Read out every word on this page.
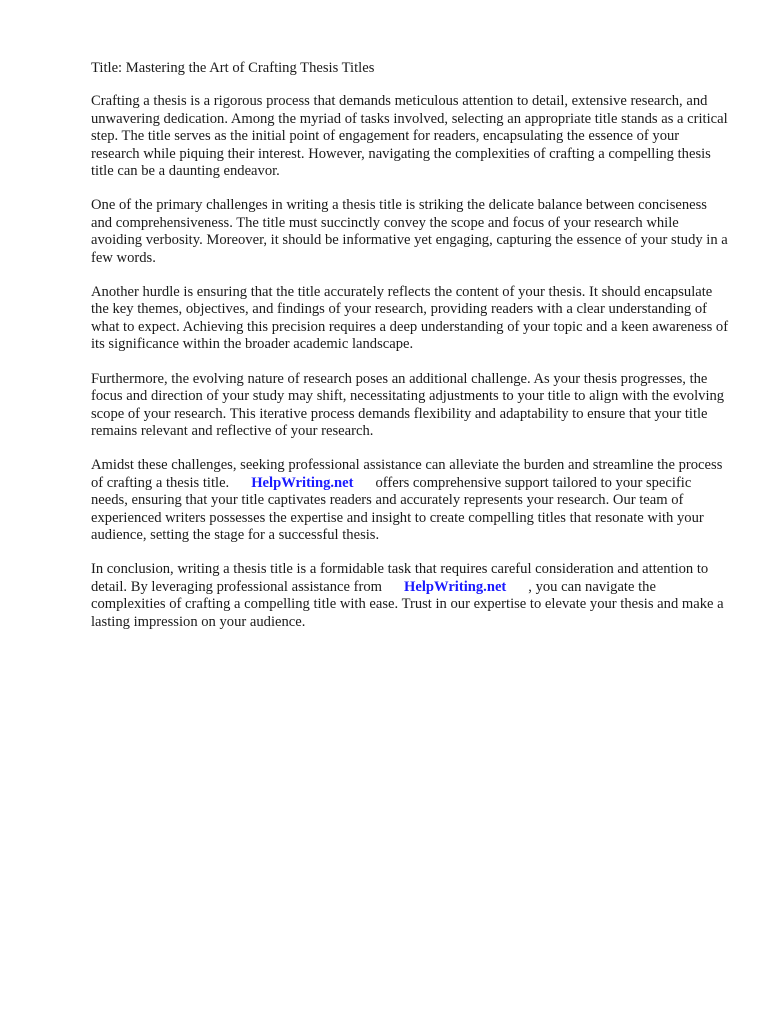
Title: Mastering the Art of Crafting Thesis Titles

Crafting a thesis is a rigorous process that demands meticulous attention to detail, extensive research, and unwavering dedication. Among the myriad of tasks involved, selecting an appropriate title stands as a critical step. The title serves as the initial point of engagement for readers, encapsulating the essence of your research while piquing their interest. However, navigating the complexities of crafting a compelling thesis title can be a daunting endeavor.

One of the primary challenges in writing a thesis title is striking the delicate balance between conciseness and comprehensiveness. The title must succinctly convey the scope and focus of your research while avoiding verbosity. Moreover, it should be informative yet engaging, capturing the essence of your study in a few words.

Another hurdle is ensuring that the title accurately reflects the content of your thesis. It should encapsulate the key themes, objectives, and findings of your research, providing readers with a clear understanding of what to expect. Achieving this precision requires a deep understanding of your topic and a keen awareness of its significance within the broader academic landscape.

Furthermore, the evolving nature of research poses an additional challenge. As your thesis progresses, the focus and direction of your study may shift, necessitating adjustments to your title to align with the evolving scope of your research. This iterative process demands flexibility and adaptability to ensure that your title remains relevant and reflective of your research.

Amidst these challenges, seeking professional assistance can alleviate the burden and streamline the process of crafting a thesis title. HelpWriting.net offers comprehensive support tailored to your specific needs, ensuring that your title captivates readers and accurately represents your research. Our team of experienced writers possesses the expertise and insight to create compelling titles that resonate with your audience, setting the stage for a successful thesis.

In conclusion, writing a thesis title is a formidable task that requires careful consideration and attention to detail. By leveraging professional assistance from HelpWriting.net , you can navigate the complexities of crafting a compelling title with ease. Trust in our expertise to elevate your thesis and make a lasting impression on your audience.
